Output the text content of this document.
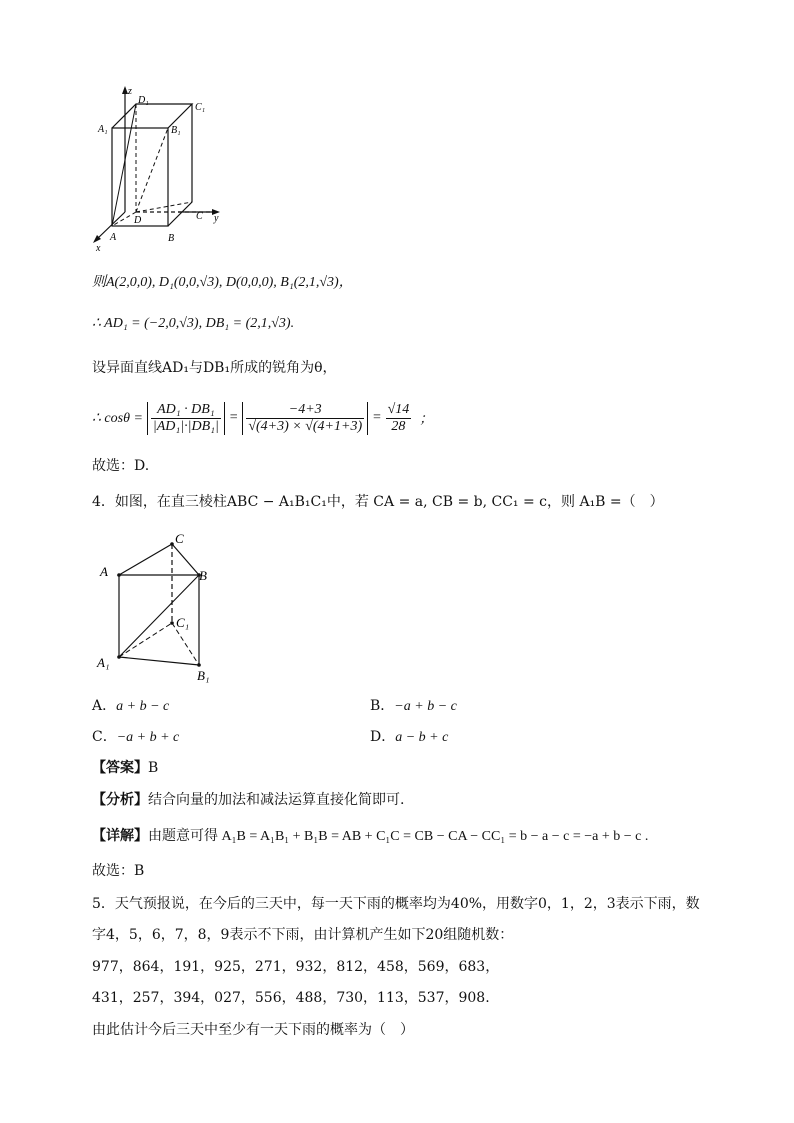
z
D₁
C₁
A₁	B₁
D	C y
A	B
x
则A(2,0,0), D₁(0,0,√3), D(0,0,0), B₁(2,1,√3)，
∴ AD₁ = (−2,0,√3), DB₁ = (2,1,√3).
设异面直线AD₁与DB₁所成的锐角为θ，
∴ $\cos\theta = \frac{\text{AD₁ · DB₁}}{\text{|AD₁|·|DB₁|}} = \frac{-4+3}{√(4+3) \times √(4+1+3)} = \frac{√14}{28}$ ；
故选：D.
4．如图，在直三棱柱ABC − A₁B₁C₁中，若 CA = a, CB = b, CC₁ = c，则 A₁B =（　）
C
A	B
C₁
A₁
B₁
A．a + b − c	B．−a + b − c
C．−a + b + c	D．a − b + c
【答案】B
【分析】结合向量的加法和减法运算直接化简即可.
【详解】由题意可得 A₁B = A₁B₁ + B₁B = AB + C₁C = CB − CA − CC₁ = b − a − c = −a + b − c .
故选：B
5．天气预报说，在今后的三天中，每一天下雨的概率均为40%，用数字0，1，2，3表示下雨，数
字4，5，6，7，8，9表示不下雨，由计算机产生如下20组随机数：
977，864，191，925，271，932，812，458，569，683，
431，257，394，027，556，488，730，113，537，908.
由此估计今后三天中至少有一天下雨的概率为（　）
